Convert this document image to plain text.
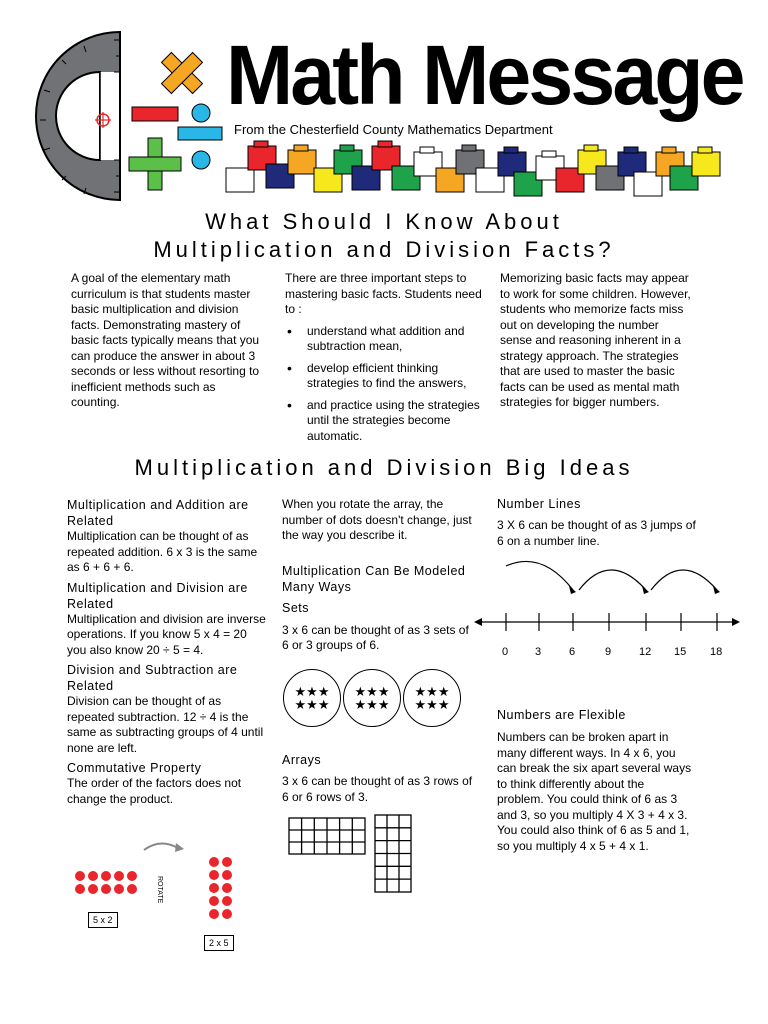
Math Message
From the Chesterfield County Mathematics Department
What Should I Know About
Multiplication and Division Facts?
A goal of the elementary math curriculum is that students master basic multiplication and division facts. Demonstrating mastery of basic facts typically means that you can produce the answer in about 3 seconds or less without resorting to inefficient methods such as counting.
There are three important steps to mastering basic facts. Students need to :
• understand what addition and subtraction mean,
• develop efficient thinking strategies to find the answers,
• and practice using the strategies until the strategies become automatic.
Memorizing basic facts may appear to work for some children. However, students who memorize facts miss out on developing the number sense and reasoning inherent in a strategy approach. The strategies that are used to master the basic facts can be used as mental math strategies for bigger numbers.
Multiplication and Division Big Ideas
Multiplication and Addition are Related
Multiplication can be thought of as repeated addition. 6 x 3 is the same as 6 + 6 + 6.
Multiplication and Division are Related
Multiplication and division are inverse operations. If you know 5 x 4 = 20 you also know 20 ÷ 5 = 4.
Division and Subtraction are Related
Division can be thought of as repeated subtraction. 12 ÷ 4 is the same as subtracting groups of 4 until none are left.
Commutative Property
The order of the factors does not change the product.
ROTATE
5 x 2
2 x 5
When you rotate the array, the number of dots doesn't change, just the way you describe it.
Multiplication Can Be Modeled Many Ways
Sets
3 x 6 can be thought of as 3 sets of 6 or 3 groups of 6.
★★★
★★★
★★★
★★★
★★★
★★★
Arrays
3 x 6 can be thought of as 3 rows of 6 or 6 rows of 3.
Number Lines
3 X 6 can be thought of as 3 jumps of 6 on a number line.
0 3	6	9	12 15 18
Numbers are Flexible
Numbers can be broken apart in many different ways. In 4 x 6, you can break the six apart several ways to think differently about the problem. You could think of 6 as 3 and 3, so you multiply 4 X 3 + 4 x 3. You could also think of 6 as 5 and 1, so you multiply 4 x 5 + 4 x 1.
